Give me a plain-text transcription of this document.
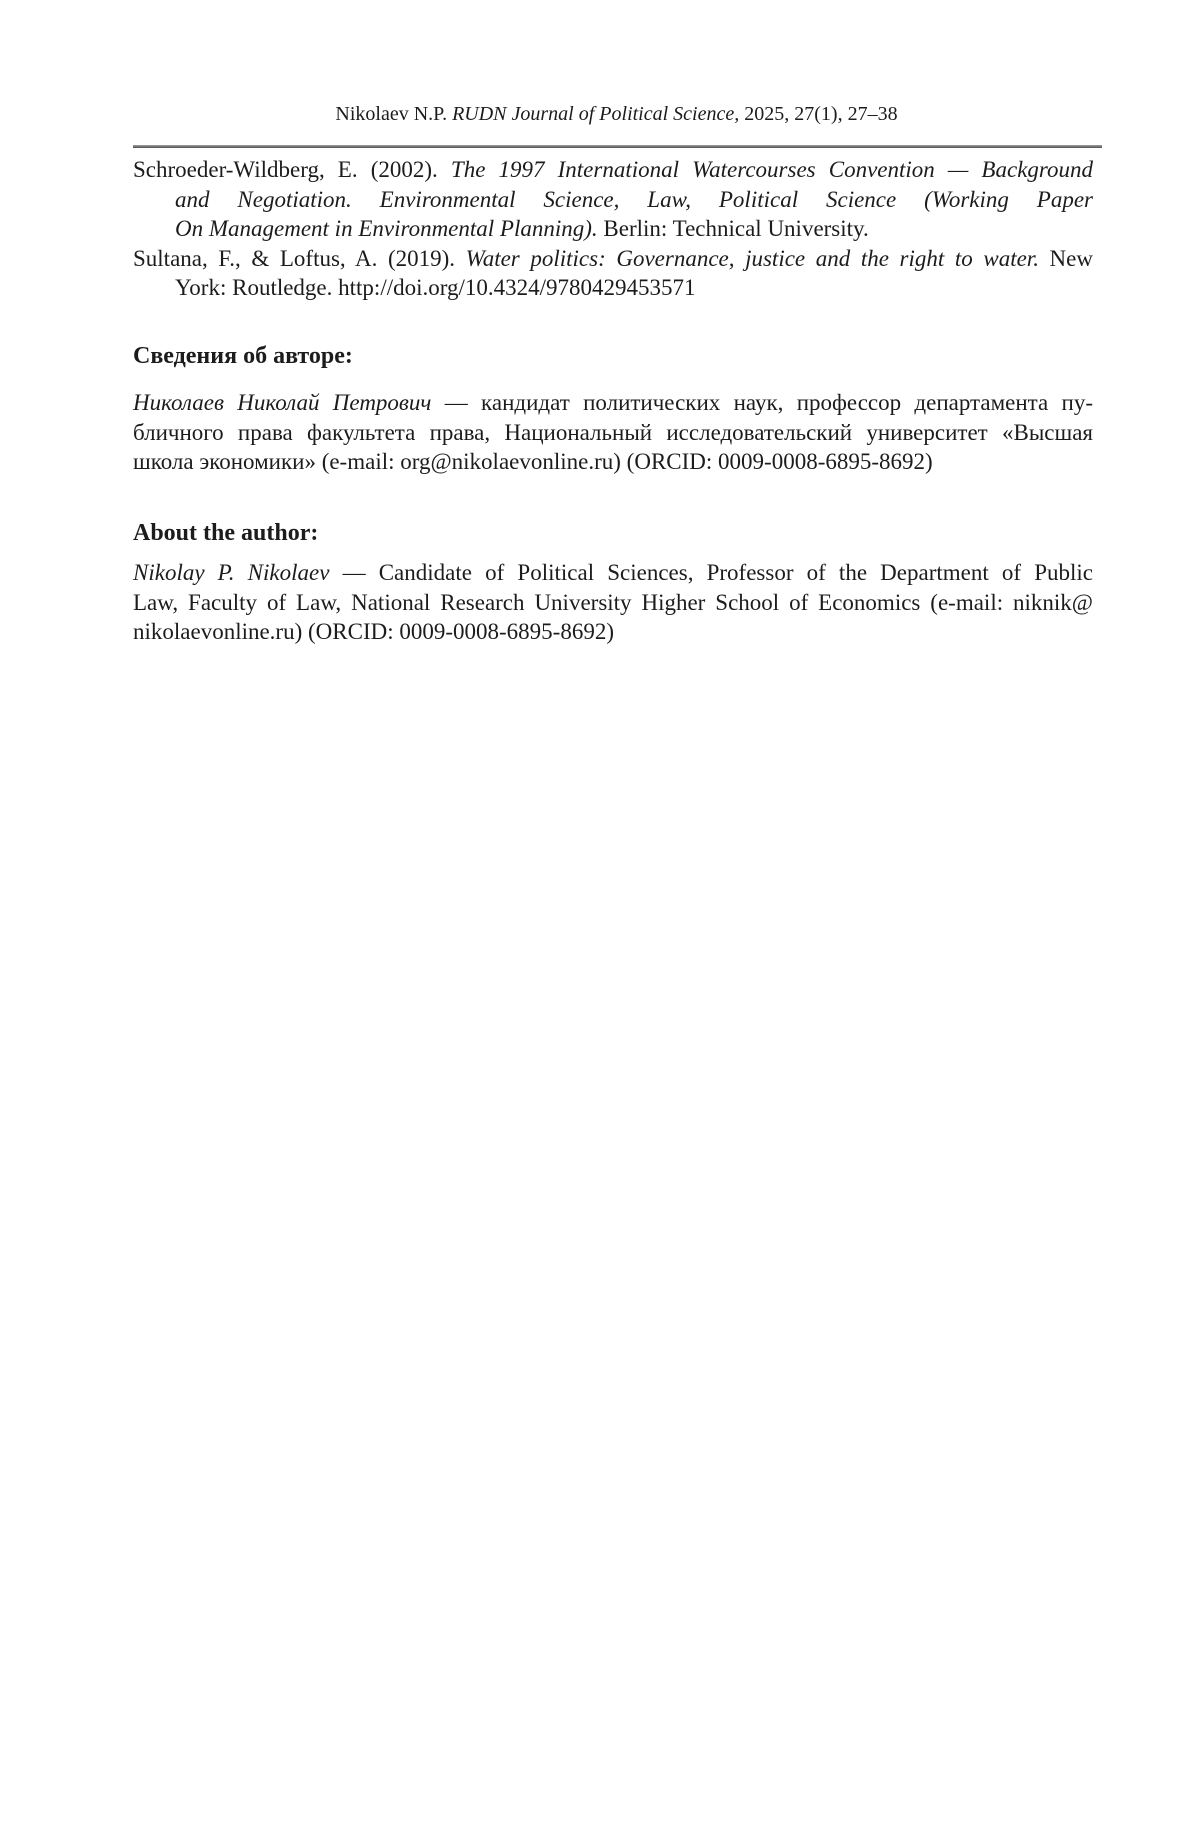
Nikolaev N.P. RUDN Journal of Political Science, 2025, 27(1), 27–38
Schroeder-Wildberg, E. (2002). The 1997 International Watercourses Convention — Background
and Negotiation. Environmental Science, Law, Political Science (Working Paper
On Management in Environmental Planning). Berlin: Technical University.
Sultana, F., & Loftus, A. (2019). Water politics: Governance, justice and the right to water. New
York: Routledge. http://doi.org/10.4324/9780429453571
Сведения об авторе:
Николаев Николай Петрович — кандидат политических наук, профессор департамента пу-
бличного права факультета права, Национальный исследовательский университет «Высшая
школа экономики» (e-mail: org@nikolaevonline.ru) (ORCID: 0009-0008-6895-8692)
About the author:
Nikolay P. Nikolaev — Candidate of Political Sciences, Professor of the Department of Public
Law, Faculty of Law, National Research University Higher School of Economics (e-mail: niknik@
nikolaevonline.ru) (ORCID: 0009-0008-6895-8692)
